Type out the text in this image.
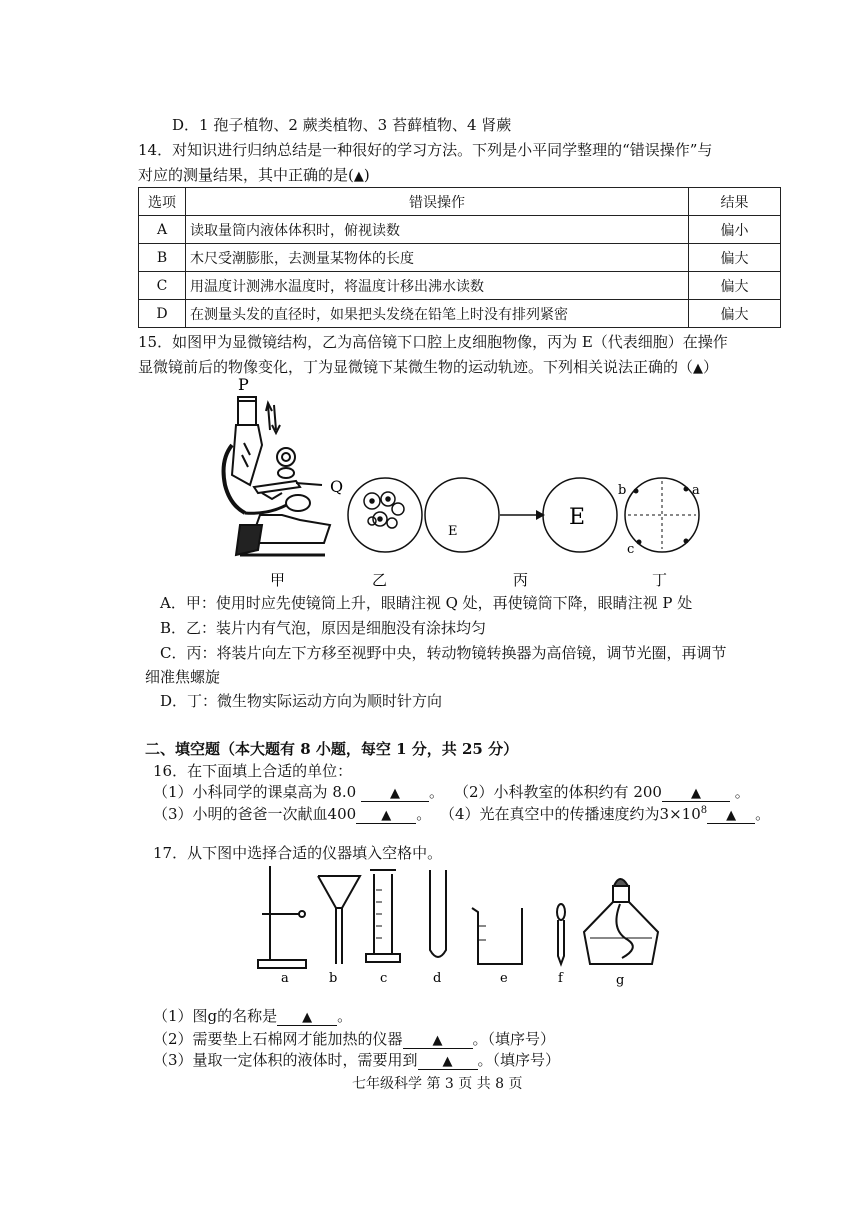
D．1 孢子植物、2 蕨类植物、3 苔藓植物、4 肾蕨
14．对知识进行归纳总结是一种很好的学习方法。下列是小平同学整理的“错误操作”与
对应的测量结果，其中正确的是(▲)
选项	错误操作	结果
A	读取量筒内液体体积时，俯视读数	偏小
B	木尺受潮膨胀，去测量某物体的长度	偏大
C	用温度计测沸水温度时，将温度计移出沸水读数	偏大
D	在测量头发的直径时，如果把头发绕在铅笔上时没有排列紧密	偏大
15．如图甲为显微镜结构，乙为高倍镜下口腔上皮细胞物像，丙为 E（代表细胞）在操作
显微镜前后的物像变化，丁为显微镜下某微生物的运动轨迹。下列相关说法正确的（▲）
P
Q
E
E
a
b
c
甲	乙	丙	丁
A．甲：使用时应先使镜筒上升，眼睛注视 Q 处，再使镜筒下降，眼睛注视 P 处
B．乙：装片内有气泡，原因是细胞没有涂抹均匀
C．丙：将装片向左下方移至视野中央，转动物镜转换器为高倍镜，调节光圈，再调节
细准焦螺旋
D．丁：微生物实际运动方向为顺时针方向
二、填空题（本大题有 8 小题，每空 1 分，共 25 分）
16．在下面填上合适的单位：
（1）小科同学的课桌高为 8.0	▲ 。 （2）小科教室的体积约有 200 ▲ 。
（3）小明的爸爸一次献血400 ▲ 。 （4）光在真空中的传播速度约为$3\times 10^8$ ▲ 。
17．从下图中选择合适的仪器填入空格中。
a	b	c	d	e	f	g
（1）图g的名称是 ▲ 。
（2）需要垫上石棉网才能加热的仪器 ▲ 。（填序号）
（3）量取一定体积的液体时，需要用到 ▲ 。（填序号）
七年级科学 第 3 页 共 8 页
